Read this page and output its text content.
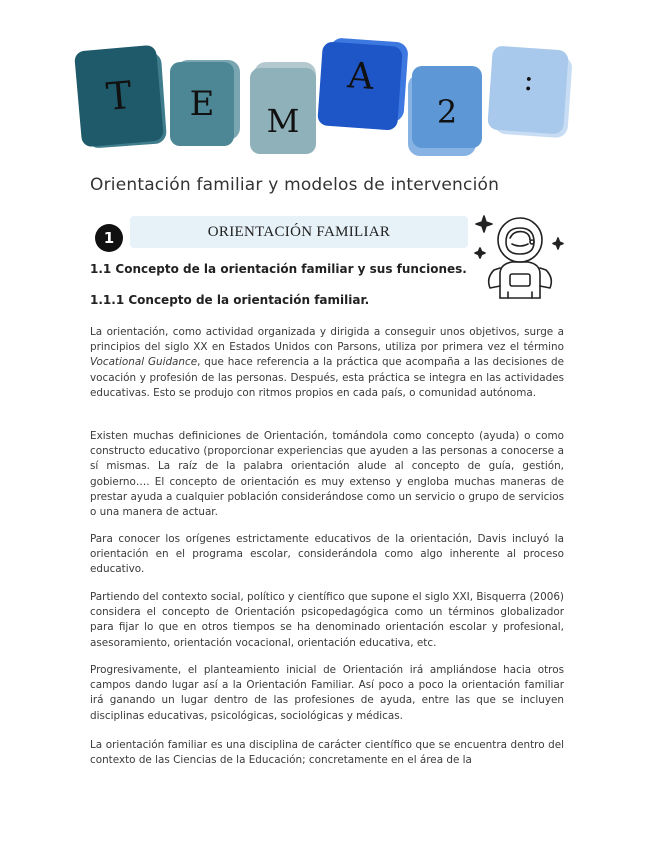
T E M
A
2
:
Orientación familiar y modelos de intervención
1	ORIENTACIÓN FAMILIAR
1.1 Concepto de la orientación familiar y sus funciones.
1.1.1 Concepto de la orientación familiar.

La orientación, como actividad organizada y dirigida a conseguir unos objetivos, surge a principios del siglo XX en Estados Unidos con Parsons, utiliza por primera vez el término Vocational Guidance, que hace referencia a la práctica que acompaña a las decisiones de vocación y profesión de las personas. Después, esta práctica se integra en las actividades educativas. Esto se produjo con ritmos propios en cada país, o comunidad autónoma.

Existen muchas definiciones de Orientación, tomándola como concepto (ayuda) o como constructo educativo (proporcionar experiencias que ayuden a las personas a conocerse a sí mismas. La raíz de la palabra orientación alude al concepto de guía, gestión, gobierno…. El concepto de orientación es muy extenso y engloba muchas maneras de prestar ayuda a cualquier población considerándose como un servicio o grupo de servicios o una manera de actuar.

Para conocer los orígenes estrictamente educativos de la orientación, Davis incluyó la orientación en el programa escolar, considerándola como algo inherente al proceso educativo.

Partiendo del contexto social, político y científico que supone el siglo XXI, Bisquerra (2006) considera el concepto de Orientación psicopedagógica como un términos globalizador para fijar lo que en otros tiempos se ha denominado orientación escolar y profesional, asesoramiento, orientación vocacional, orientación educativa, etc.

Progresivamente, el planteamiento inicial de Orientación irá ampliándose hacia otros campos dando lugar así a la Orientación Familiar. Así poco a poco la orientación familiar irá ganando un lugar dentro de las profesiones de ayuda, entre las que se incluyen disciplinas educativas, psicológicas, sociológicas y médicas.

La orientación familiar es una disciplina de carácter científico que se encuentra dentro del contexto de las Ciencias de la Educación; concretamente en el área de la
